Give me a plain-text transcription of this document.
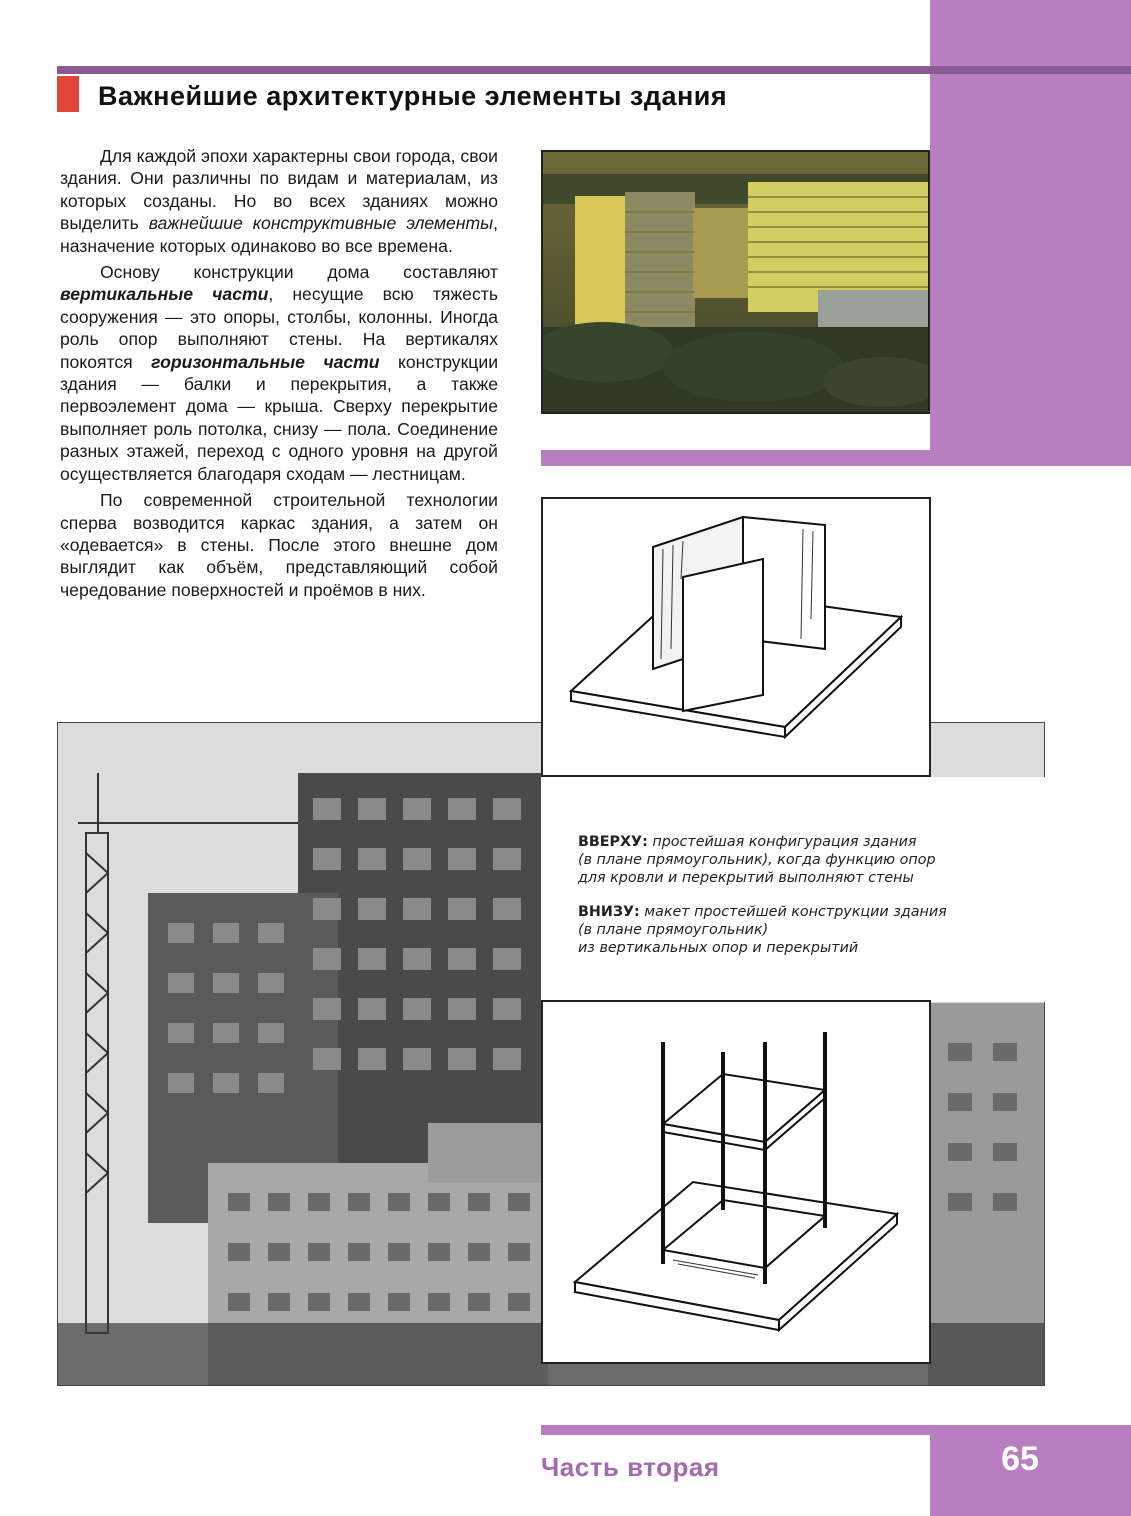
Важнейшие архитектурные элементы здания

Для каждой эпохи характерны свои города, свои здания. Они различны по видам и материалам, из которых созданы. Но во всех зданиях можно выделить важнейшие конструктивные элементы, назначение которых одинаково во все времена.

Основу конструкции дома составляют вертикальные части, несущие всю тяжесть сооружения — это опоры, столбы, колонны. Иногда роль опор выполняют стены. На вертикалях покоятся горизонтальные части конструкции здания — балки и перекрытия, а также первоэлемент дома — крыша. Сверху перекрытие выполняет роль потолка, снизу — пола. Соединение разных этажей, переход с одного уровня на другой осуществляется благодаря сходам — лестницам.

По современной строительной технологии сперва возводится каркас здания, а затем он «одевается» в стены. После этого внешне дом выглядит как объём, представляющий собой чередование поверхностей и проёмов в них.

ВВЕРХУ: простейшая конфигурация здания
(в плане прямоугольник), когда функцию опор
для кровли и перекрытий выполняют стены
ВНИЗУ: макет простейшей конструкции здания
(в плане прямоугольник)
из вертикальных опор и перекрытий
Часть вторая	65
